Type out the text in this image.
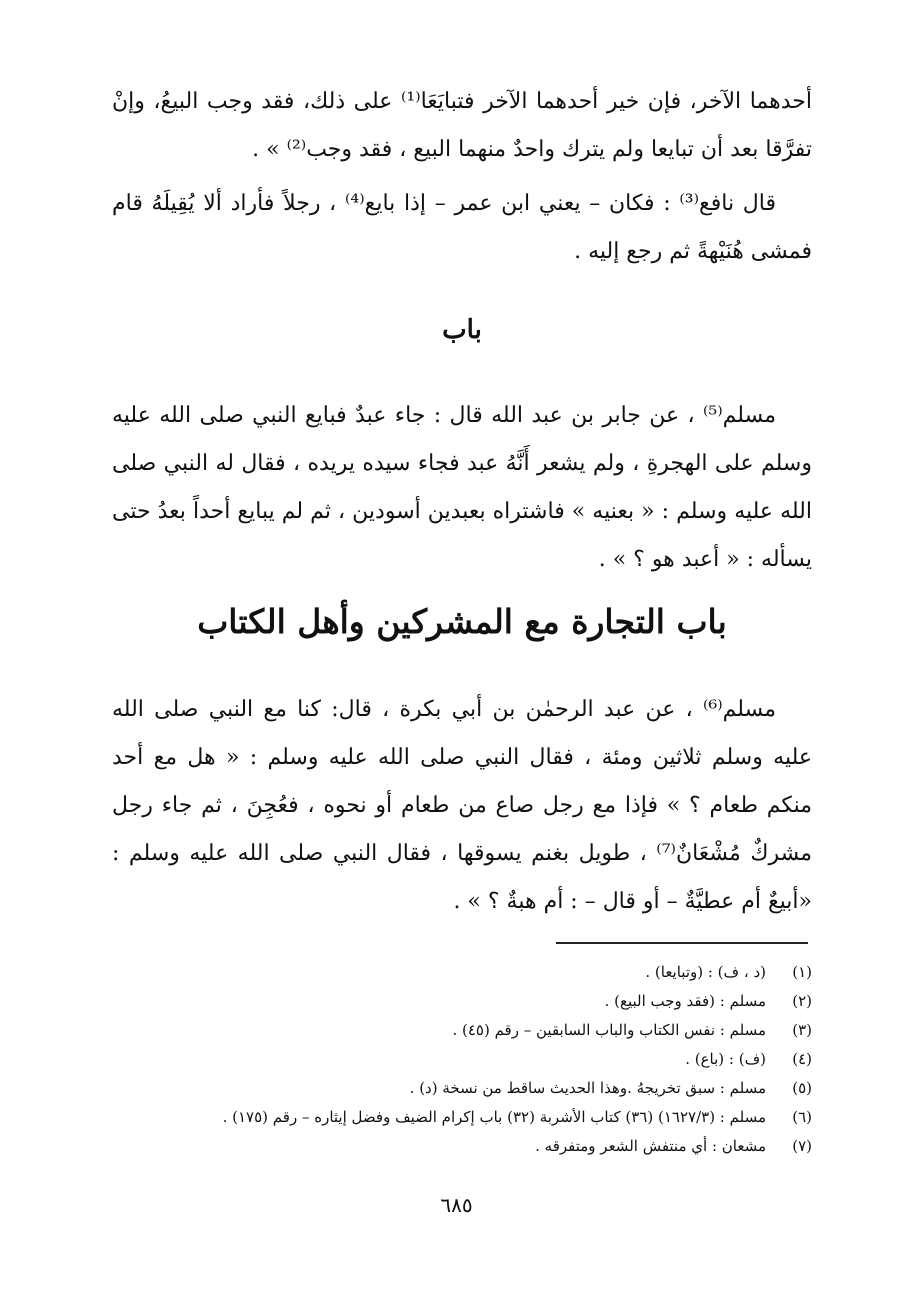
أحدهما الآخر، فإن خير أحدهما الآخر فتبايَعَا⁽¹⁾ على ذلك، فقد وجب البيعُ، وإنْ تفرَّقا بعد أن تبايعا ولم يترك واحدٌ منهما البيع ، فقد وجب⁽²⁾ » .

قال نافع⁽³⁾ : فكان – يعني ابن عمر – إذا بايع⁽⁴⁾ ، رجلاً فأراد ألا يُقِيلَهُ قام فمشى هُنَيْهةً ثم رجع إليه .

باب

مسلم⁽⁵⁾ ، عن جابر بن عبد الله قال : جاء عبدٌ فبايع النبي صلى الله عليه وسلم على الهجرةِ ، ولم يشعر أَنَّهُ عبد فجاء سيده يريده ، فقال له النبي صلى الله عليه وسلم : « بعنيه » فاشتراه بعبدين أسودين ، ثم لم يبايع أحداً بعدُ حتى يسأله : « أعبد هو ؟ » .

باب التجارة مع المشركين وأهل الكتاب

مسلم⁽⁶⁾ ، عن عبد الرحمٰن بن أبي بكرة ، قال: كنا مع النبي صلى الله عليه وسلم ثلاثين ومئة ، فقال النبي صلى الله عليه وسلم : « هل مع أحد منكم طعام ؟ » فإذا مع رجل صاع من طعام أو نحوه ، فعُجِنَ ، ثم جاء رجل مشركٌ مُشْعَانٌ⁽⁷⁾ ، طويل بغنم يسوقها ، فقال النبي صلى الله عليه وسلم : «أبيعٌ أم عطيَّةٌ – أو قال – : أم هبةٌ ؟ » .

(١)(د ، ف) : (وتبايعا) .
(٢)مسلم : (فقد وجب البيع) .
(٣)مسلم : نفس الكتاب والباب السابقين – رقم (٤٥) .
(٤)(ف) : (باع) .
(٥)مسلم : سبق تخريجهُ .وهذا الحديث ساقط من نسخة (د) .
(٦)مسلم : (١٦٢٧/٣) (٣٦) كتاب الأشربة (٣٢) باب إكرام الضيف وفضل إيثاره – رقم (١٧٥) .
(٧)مشعان : أي منتفش الشعر ومتفرقه .
٦٨٥
